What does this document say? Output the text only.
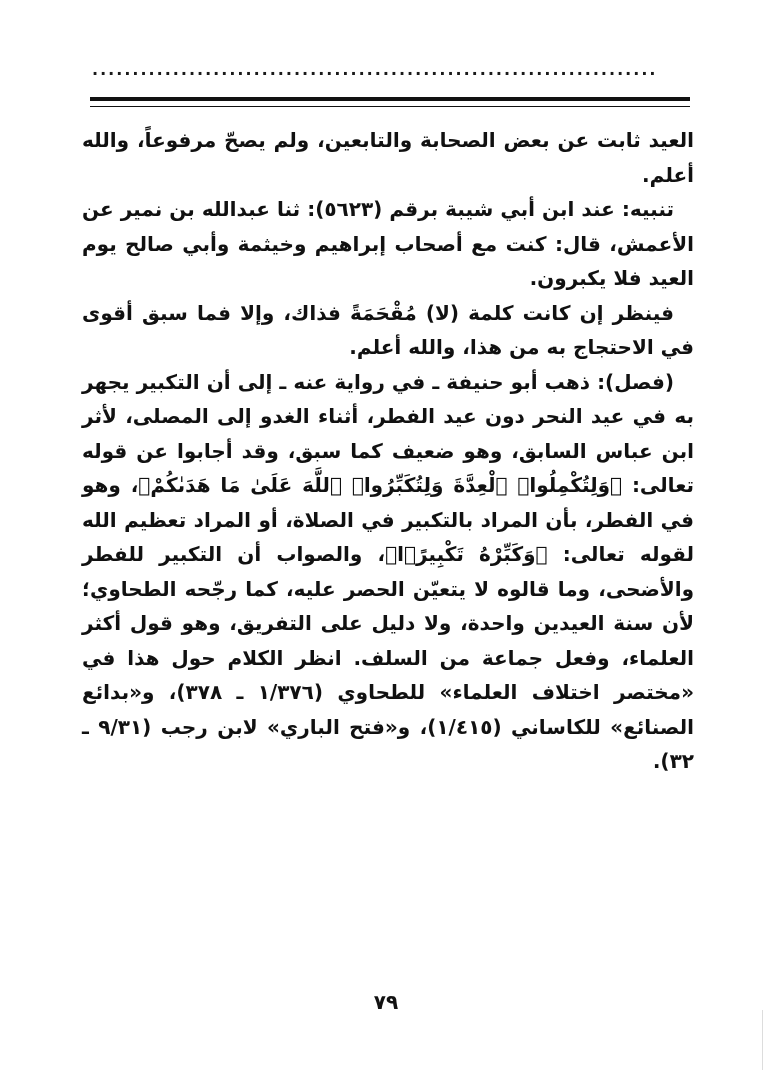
......................................................................

العيد ثابت عن بعض الصحابة والتابعين، ولم يصحّ مرفوعاً، والله أعلم.

تنبيه: عند ابن أبي شيبة برقم (٥٦٢٣): ثنا عبدالله بن نمير عن الأعمش، قال: كنت مع أصحاب إبراهيم وخيثمة وأبي صالح يوم العيد فلا يكبرون.

فينظر إن كانت كلمة (لا) مُقْحَمَةً فذاك، وإلا فما سبق أقوى في الاحتجاج به من هذا، والله أعلم.

(فصل): ذهب أبو حنيفة ـ في رواية عنه ـ إلى أن التكبير يجهر به في عيد النحر دون عيد الفطر، أثناء الغدو إلى المصلى، لأثر ابن عباس السابق، وهو ضعيف كما سبق، وقد أجابوا عن قوله تعالى: ﴿وَلِتُكْمِلُوا۟ ٱلْعِدَّةَ وَلِتُكَبِّرُوا۟ ٱللَّهَ عَلَىٰ مَا هَدَىٰكُمْ﴾، وهو في الفطر، بأن المراد بالتكبير في الصلاة، أو المراد تعظيم الله لقوله تعالى: ﴿وَكَبِّرْهُ تَكْبِيرًۢا﴾، والصواب أن التكبير للفطر والأضحى، وما قالوه لا يتعيّن الحصر عليه، كما رجّحه الطحاوي؛ لأن سنة العيدين واحدة، ولا دليل على التفريق، وهو قول أكثر العلماء، وفعل جماعة من السلف. انظر الكلام حول هذا في «مختصر اختلاف العلماء» للطحاوي (١/٣٧٦ ـ ٣٧٨)، و«بدائع الصنائع» للكاساني (١/٤١٥)، و«فتح الباري» لابن رجب (٩/٣١ ـ ٣٢).

٧٩
